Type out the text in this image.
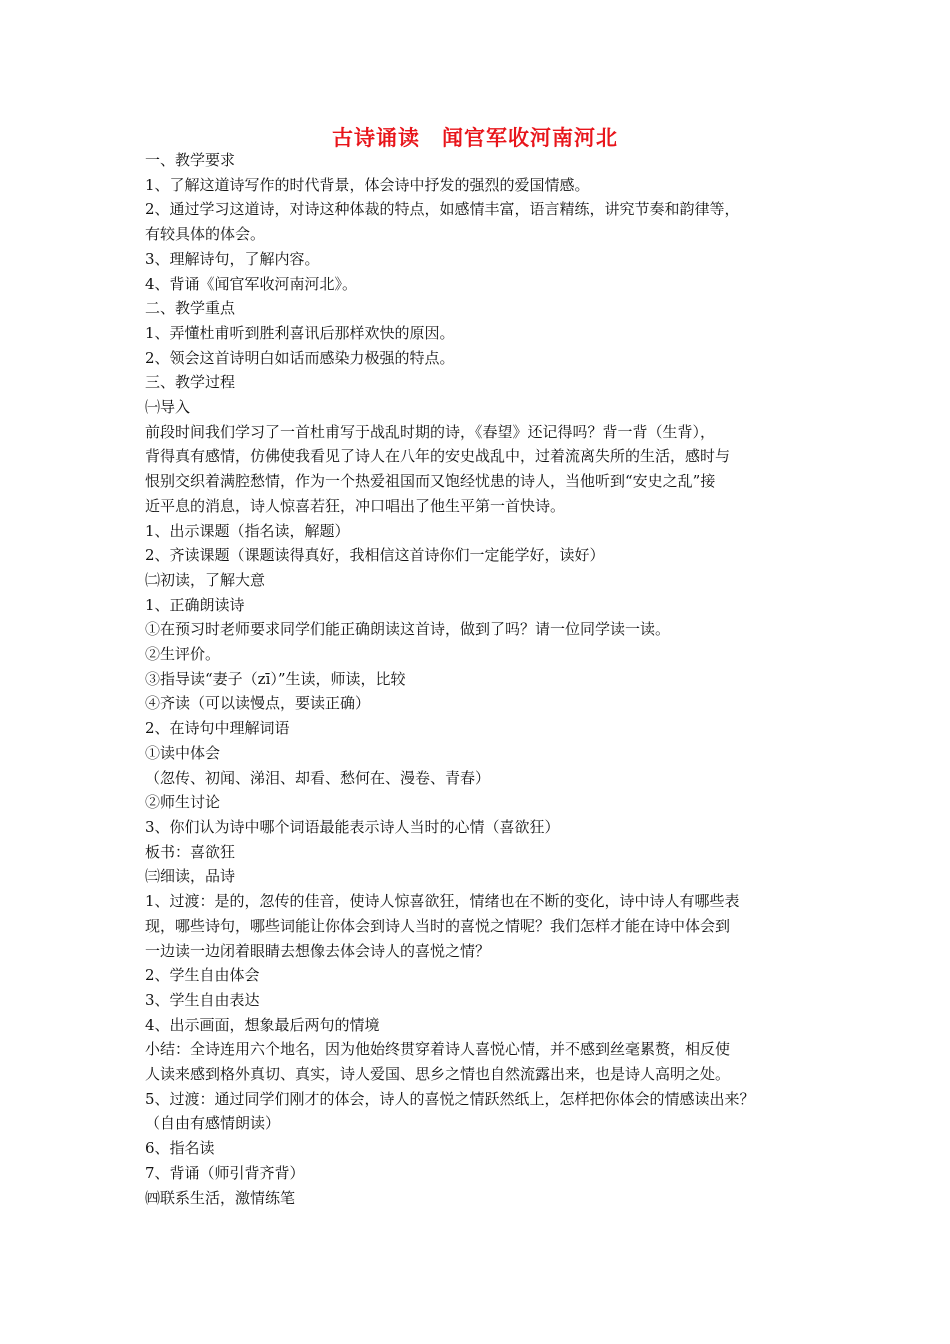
古诗诵读　闻官军收河南河北
一、教学要求
1、了解这道诗写作的时代背景，体会诗中抒发的强烈的爱国情感。
2、通过学习这道诗，对诗这种体裁的特点，如感情丰富，语言精练，讲究节奏和韵律等，
有较具体的体会。
3、理解诗句，了解内容。
4、背诵《闻官军收河南河北》。
二、教学重点
1、弄懂杜甫听到胜利喜讯后那样欢快的原因。
2、领会这首诗明白如话而感染力极强的特点。
三、教学过程
㈠导入
前段时间我们学习了一首杜甫写于战乱时期的诗，《春望》还记得吗？背一背（生背），
背得真有感情，仿佛使我看见了诗人在八年的安史战乱中，过着流离失所的生活，感时与
恨别交织着满腔愁情，作为一个热爱祖国而又饱经忧患的诗人，当他听到“安史之乱”接
近平息的消息，诗人惊喜若狂，冲口唱出了他生平第一首快诗。
1、出示课题（指名读，解题）
2、齐读课题（课题读得真好，我相信这首诗你们一定能学好，读好）
㈡初读，了解大意
1、正确朗读诗
①在预习时老师要求同学们能正确朗读这首诗，做到了吗？请一位同学读一读。
②生评价。
③指导读“妻子（zī）”生读，师读，比较
④齐读（可以读慢点，要读正确）
2、在诗句中理解词语
①读中体会
（忽传、初闻、涕泪、却看、愁何在、漫卷、青春）
②师生讨论
3、你们认为诗中哪个词语最能表示诗人当时的心情（喜欲狂）
板书：喜欲狂
㈢细读，品诗
1、过渡：是的，忽传的佳音，使诗人惊喜欲狂，情绪也在不断的变化，诗中诗人有哪些表
现，哪些诗句，哪些词能让你体会到诗人当时的喜悦之情呢？我们怎样才能在诗中体会到
一边读一边闭着眼睛去想像去体会诗人的喜悦之情？
2、学生自由体会
3、学生自由表达
4、出示画面，想象最后两句的情境
小结：全诗连用六个地名，因为他始终贯穿着诗人喜悦心情，并不感到丝毫累赘，相反使
人读来感到格外真切、真实，诗人爱国、思乡之情也自然流露出来，也是诗人高明之处。
5、过渡：通过同学们刚才的体会，诗人的喜悦之情跃然纸上，怎样把你体会的情感读出来？
（自由有感情朗读）
6、指名读
7、背诵（师引背齐背）
㈣联系生活，激情练笔
